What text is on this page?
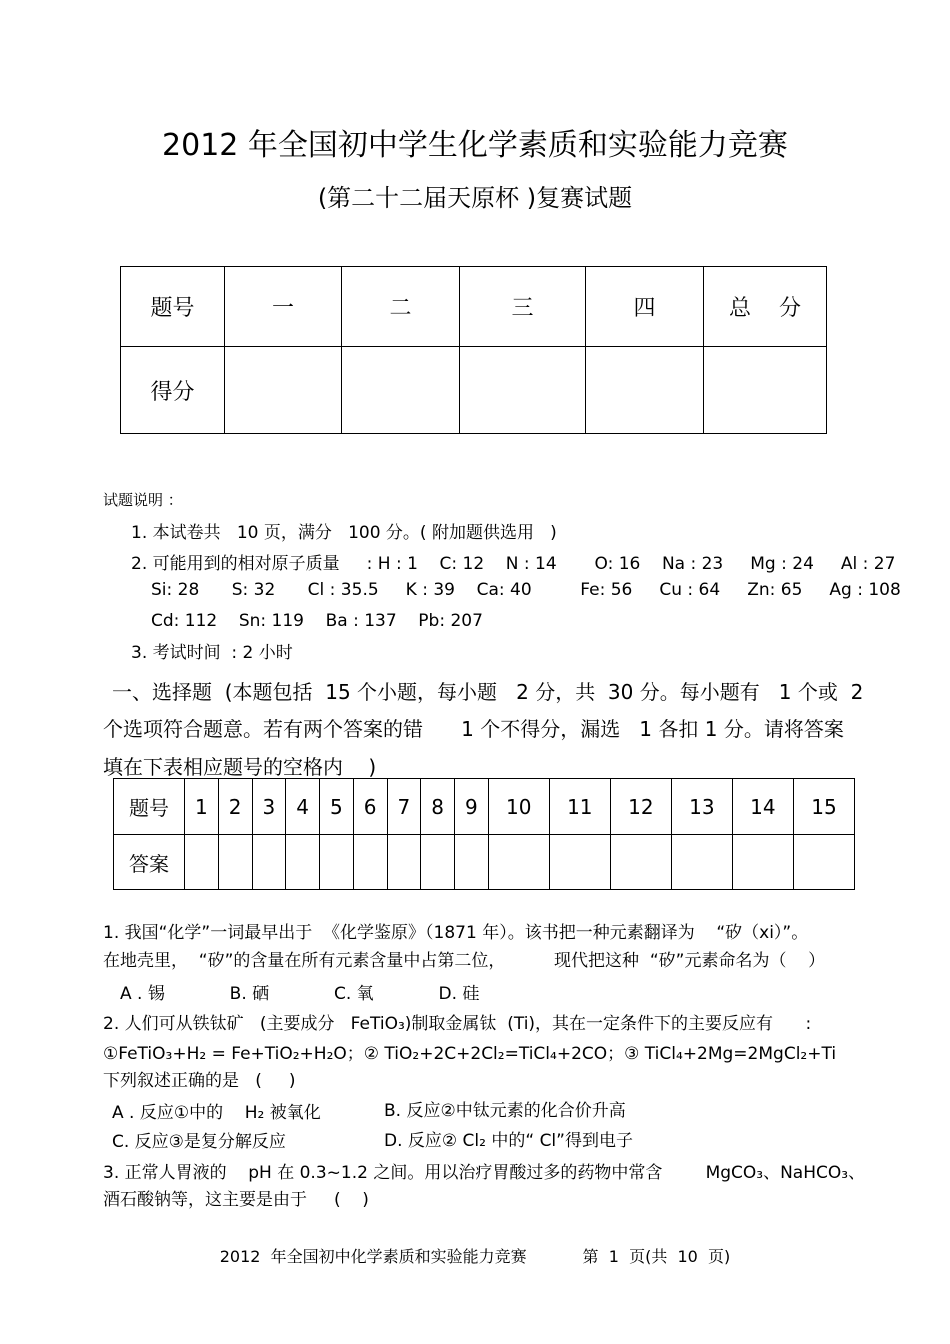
2012 年全国初中学生化学素质和实验能力竞赛
(第二十二届天原杯 )复赛试题
题号	一	二	三	四	总    分
得分					
试题说明 ：
1. 本试卷共   10 页，满分   100 分。( 附加题供选用   )
2. 可能用到的相对原子质量     : H : 1    C: 12    N : 14       O: 16    Na : 23     Mg : 24     Al : 27
Si: 28      S: 32      Cl : 35.5     K : 39    Ca: 40         Fe: 56     Cu : 64     Zn: 65     Ag : 108
Cd: 112    Sn: 119    Ba : 137    Pb: 207
3. 考试时间  : 2 小时
一、选择题  (本题包括  15 个小题，每小题   2 分，共  30 分。每小题有   1 个或  2
个选项符合题意。若有两个答案的错      1 个不得分，漏选   1 各扣 1 分。请将答案
填在下表相应题号的空格内    )
题号	1	2	3	4	5	6	7	8	9	10	11	12	13	14	15
答案															
1. 我国“化学”一词最早出于  《化学鉴原》（1871 年）。该书把一种元素翻译为    “矽（xi）”。
在地壳里，  “矽”的含量在所有元素含量中占第二位，         现代把这种  “矽”元素命名为（    ）
A . 锡            B. 硒            C. 氧            D. 硅
2. 人们可从铁钛矿   (主要成分   FeTiO₃)制取金属钛  (Ti)，其在一定条件下的主要反应有      :
①FeTiO₃+H₂ = Fe+TiO₂+H₂O；② TiO₂+2C+2Cl₂=TiCl₄+2CO；③ TiCl₄+2Mg=2MgCl₂+Ti
下列叙述正确的是   (     )
A . 反应①中的    H₂ 被氧化	B. 反应②中钛元素的化合价升高
C. 反应③是复分解反应	D. 反应② Cl₂ 中的“ Cl”得到电子
3. 正常人胃液的    pH 在 0.3~1.2 之间。用以治疗胃酸过多的药物中常含        MgCO₃、NaHCO₃、
酒石酸钠等，这主要是由于     (    )
2012  年全国初中化学素质和实验能力竞赛           第  1  页(共  10  页)
